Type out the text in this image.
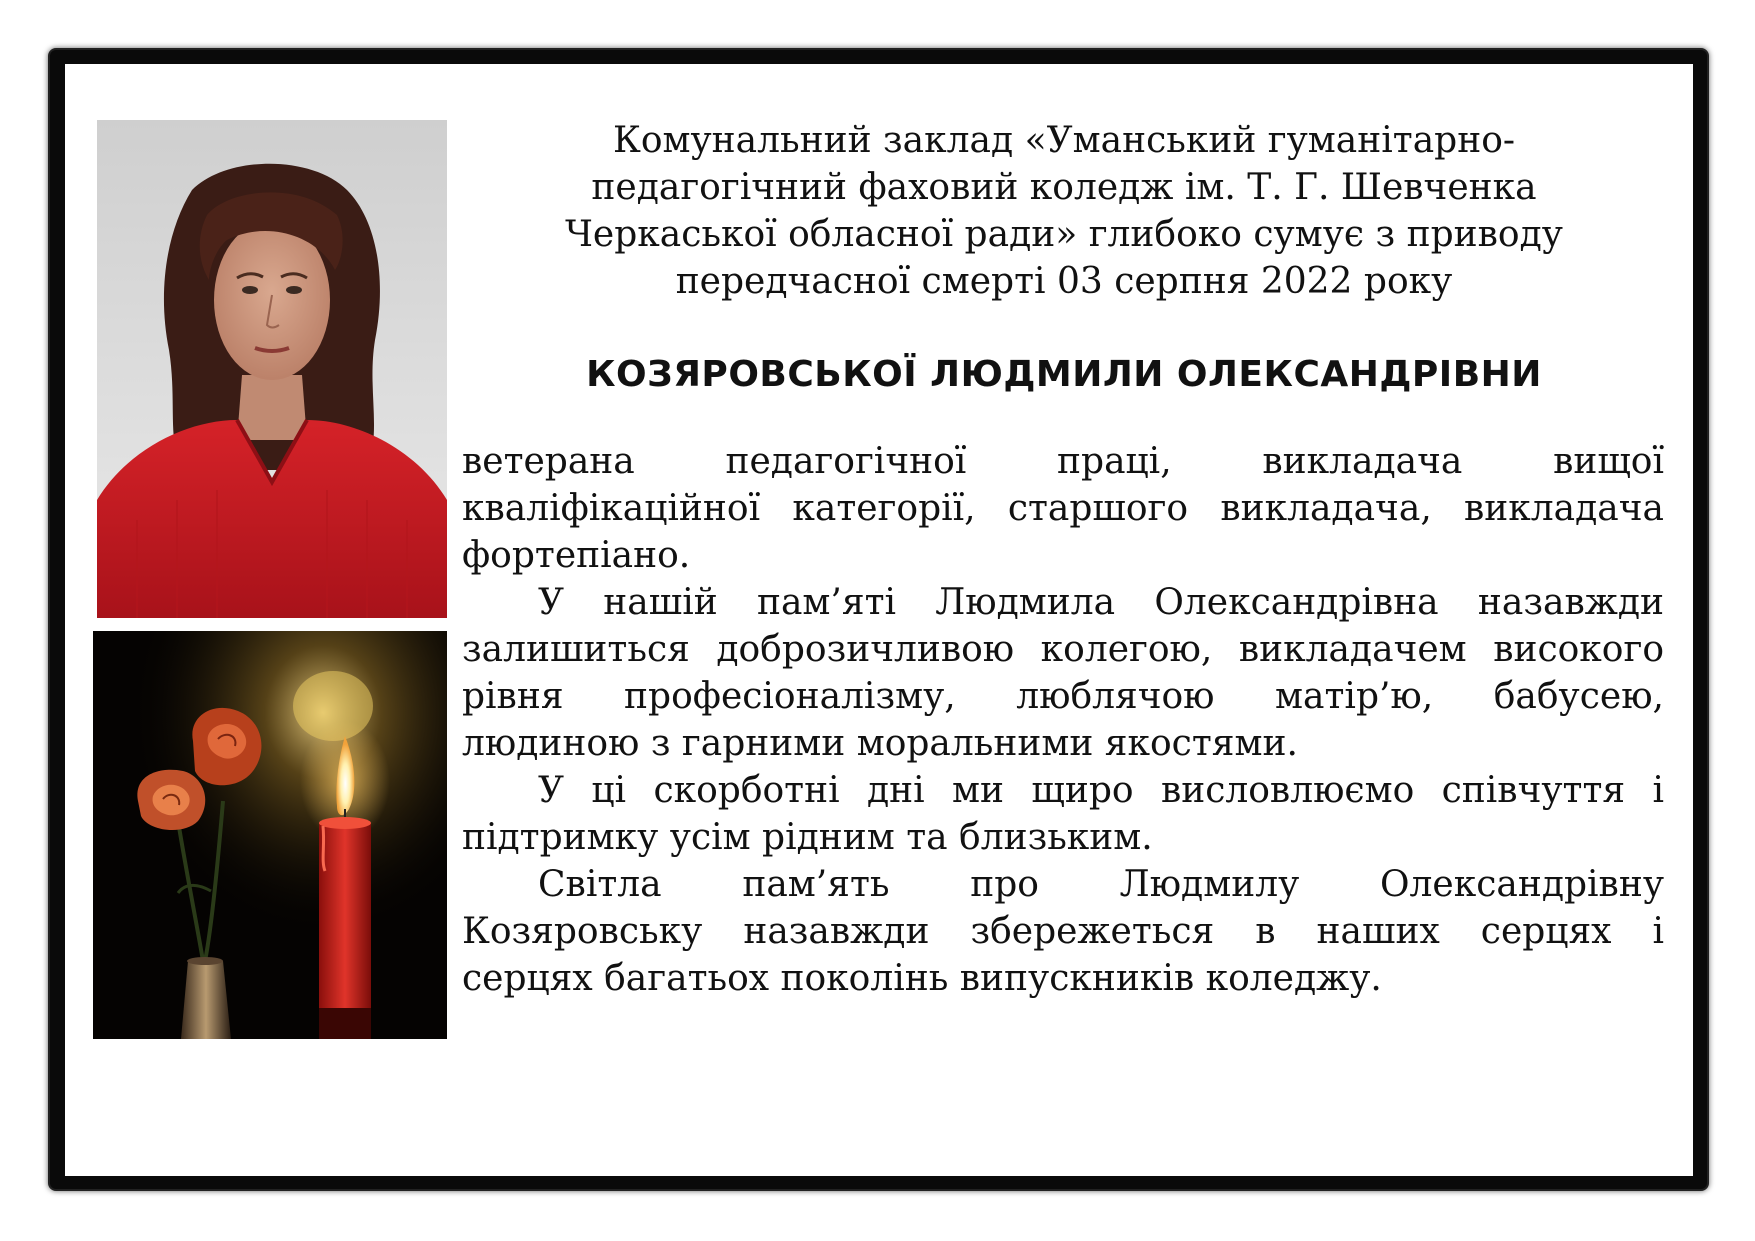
Комунальний заклад «Уманський гуманітарно-
педагогічний фаховий коледж ім. Т. Г. Шевченка
Черкаської обласної ради» глибоко сумує з приводу
передчасної смерті 03 серпня 2022 року
КОЗЯРОВСЬКОЇ ЛЮДМИЛИ ОЛЕКСАНДРІВНИ
ветерана педагогічної праці, викладача вищої
кваліфікаційної категорії, старшого викладача, викладача
фортепіано.
У нашій пам’яті Людмила Олександрівна назавжди
залишиться доброзичливою колегою, викладачем високого
рівня професіоналізму, люблячою матір’ю, бабусею,
людиною з гарними моральними якостями.
У ці скорботні дні ми щиро висловлюємо співчуття і
підтримку усім рідним та близьким.
Світла пам’ять про Людмилу Олександрівну
Козяровську назавжди збережеться в наших серцях і
серцях багатьох поколінь випускників коледжу.
